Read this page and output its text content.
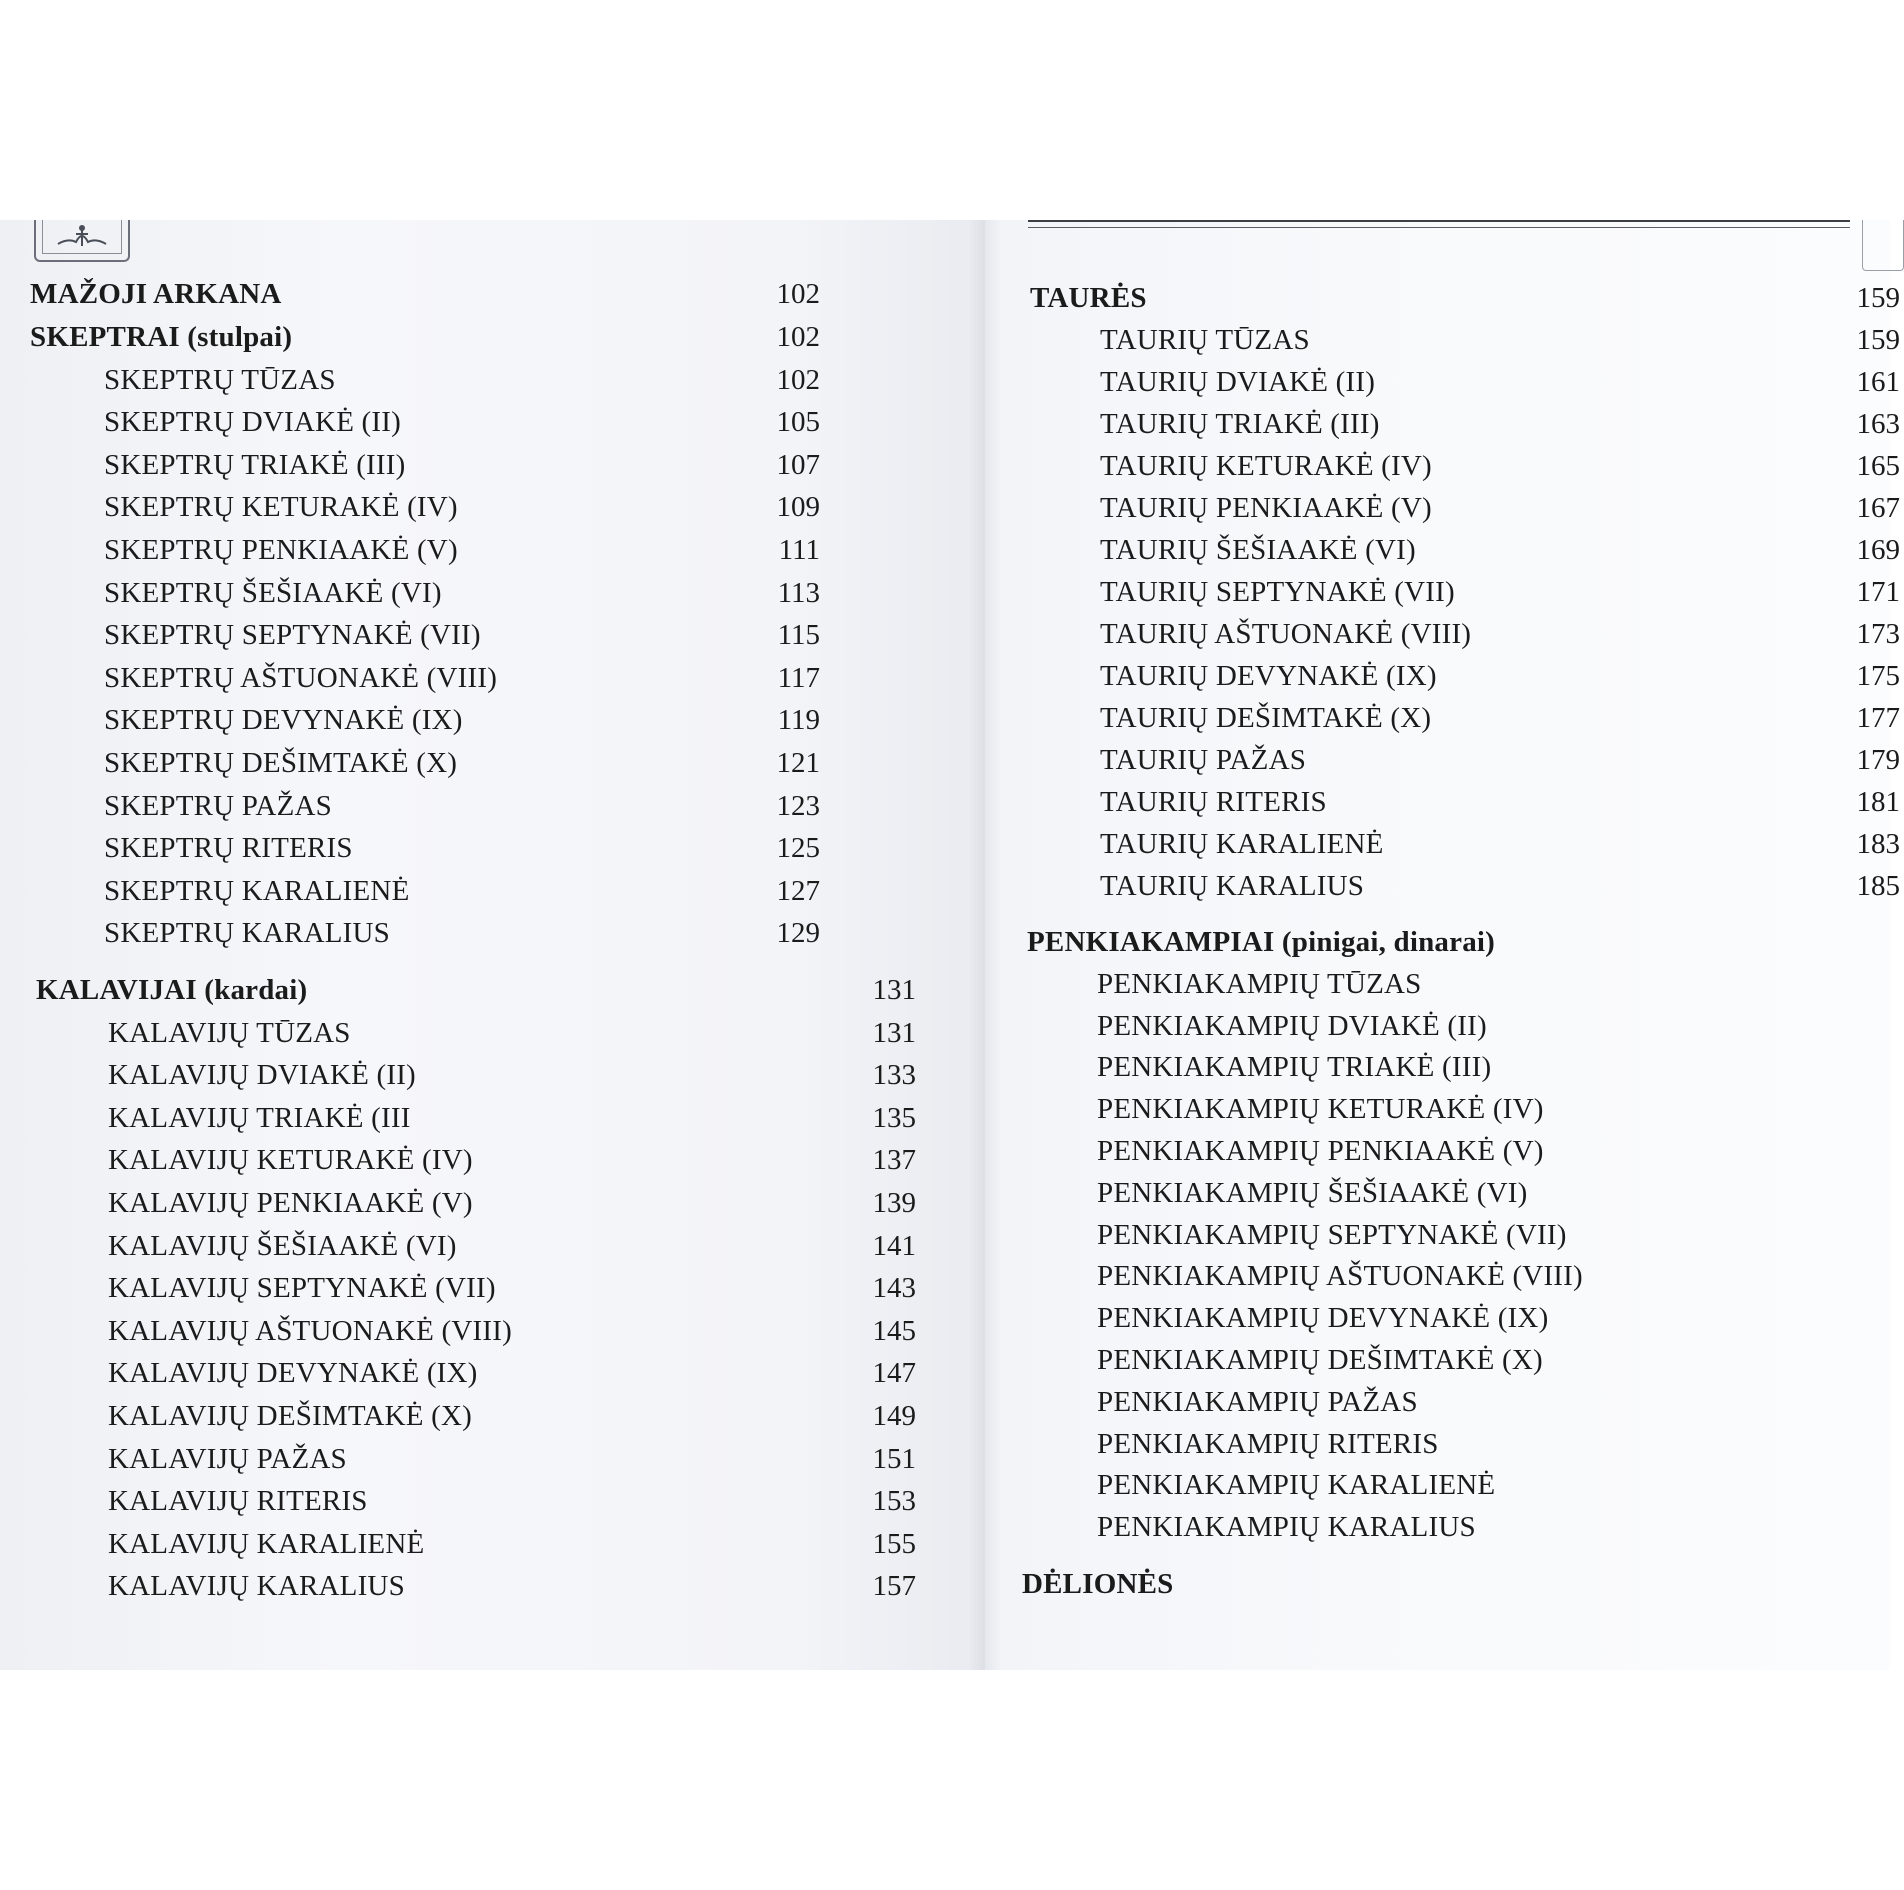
MAŽOJI ARKANA	102
SKEPTRAI (stulpai)	102
SKEPTRŲ TŪZAS	102
SKEPTRŲ DVIAKĖ (II)	105
SKEPTRŲ TRIAKĖ (III)	107
SKEPTRŲ KETURAKĖ (IV)	109
SKEPTRŲ PENKIAAKĖ (V)	111
SKEPTRŲ ŠEŠIAAKĖ (VI)	113
SKEPTRŲ SEPTYNAKĖ (VII)	115
SKEPTRŲ AŠTUONAKĖ (VIII)	117
SKEPTRŲ DEVYNAKĖ (IX)	119
SKEPTRŲ DEŠIMTAKĖ (X)	121
SKEPTRŲ PAŽAS	123
SKEPTRŲ RITERIS	125
SKEPTRŲ KARALIENĖ	127
SKEPTRŲ KARALIUS	129
KALAVIJAI (kardai)	131
KALAVIJŲ TŪZAS	131
KALAVIJŲ DVIAKĖ (II)	133
KALAVIJŲ TRIAKĖ (III	135
KALAVIJŲ KETURAKĖ (IV)	137
KALAVIJŲ PENKIAAKĖ (V)	139
KALAVIJŲ ŠEŠIAAKĖ (VI)	141
KALAVIJŲ SEPTYNAKĖ (VII)	143
KALAVIJŲ AŠTUONAKĖ (VIII)	145
KALAVIJŲ DEVYNAKĖ (IX)	147
KALAVIJŲ DEŠIMTAKĖ (X)	149
KALAVIJŲ PAŽAS	151
KALAVIJŲ RITERIS	153
KALAVIJŲ KARALIENĖ	155
KALAVIJŲ KARALIUS	157
TAURĖS	159
TAURIŲ TŪZAS	159
TAURIŲ DVIAKĖ (II)	161
TAURIŲ TRIAKĖ (III)	163
TAURIŲ KETURAKĖ (IV)	165
TAURIŲ PENKIAAKĖ (V)	167
TAURIŲ ŠEŠIAAKĖ (VI)	169
TAURIŲ SEPTYNAKĖ (VII)	171
TAURIŲ AŠTUONAKĖ (VIII)	173
TAURIŲ DEVYNAKĖ (IX)	175
TAURIŲ DEŠIMTAKĖ (X)	177
TAURIŲ PAŽAS	179
TAURIŲ RITERIS	181
TAURIŲ KARALIENĖ	183
TAURIŲ KARALIUS	185
PENKIAKAMPIAI (pinigai, dinarai)
PENKIAKAMPIŲ TŪZAS
PENKIAKAMPIŲ DVIAKĖ (II)
PENKIAKAMPIŲ TRIAKĖ (III)
PENKIAKAMPIŲ KETURAKĖ (IV)
PENKIAKAMPIŲ PENKIAAKĖ (V)
PENKIAKAMPIŲ ŠEŠIAAKĖ (VI)
PENKIAKAMPIŲ SEPTYNAKĖ (VII)
PENKIAKAMPIŲ AŠTUONAKĖ (VIII)
PENKIAKAMPIŲ DEVYNAKĖ (IX)
PENKIAKAMPIŲ DEŠIMTAKĖ (X)
PENKIAKAMPIŲ PAŽAS
PENKIAKAMPIŲ RITERIS
PENKIAKAMPIŲ KARALIENĖ
PENKIAKAMPIŲ KARALIUS
DĖLIONĖS
